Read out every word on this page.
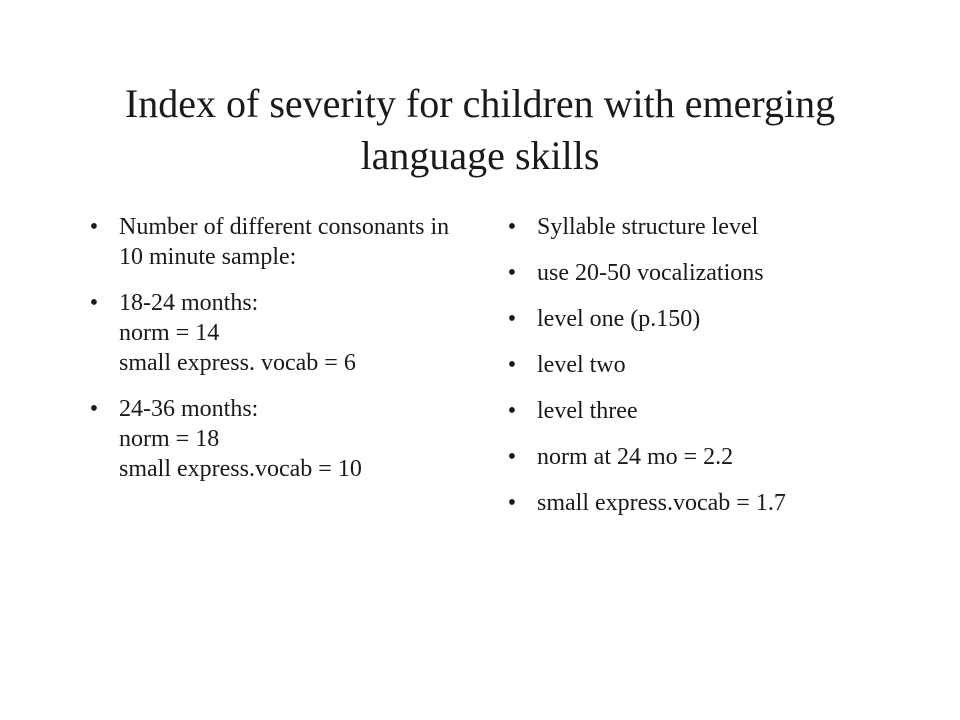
Index of severity for children with emerging
language skills
• Number of different consonants in 10 minute sample:
• 18-24 months:
norm = 14
small express. vocab = 6
• 24-36 months:
norm = 18
small express.vocab = 10
• Syllable structure level
• use 20-50 vocalizations
• level one (p.150)
• level two
• level three
• norm at 24 mo = 2.2
• small express.vocab = 1.7
